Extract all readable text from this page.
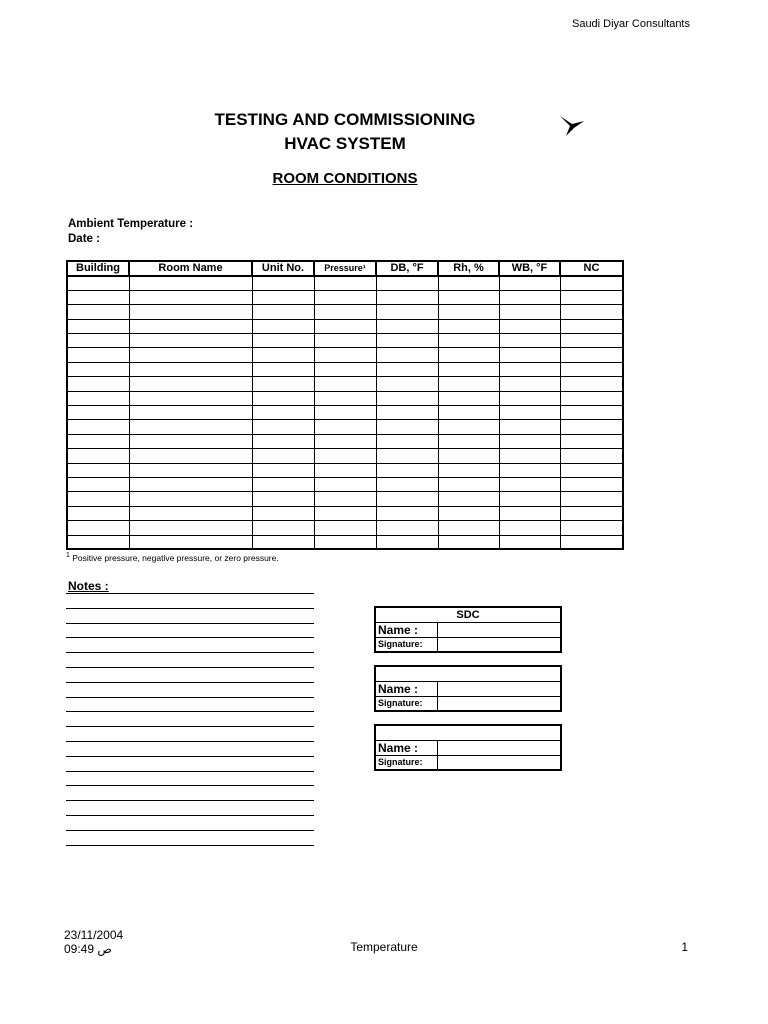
Saudi Diyar Consultants
TESTING AND COMMISSIONING
HVAC SYSTEM
ROOM CONDITIONS
Ambient Temperature :
Date :
Building	Room Name	Unit No.	Pressure¹	DB, °F	Rh, %	WB, °F	NC

$^1$ Positive pressure, negative pressure, or zero pressure.
Notes :
SDC	
Name :	
Signature:	

Name :	
Signature:	

Name :	
Signature:	
23/11/2004
09:49 ص	Temperature	1
